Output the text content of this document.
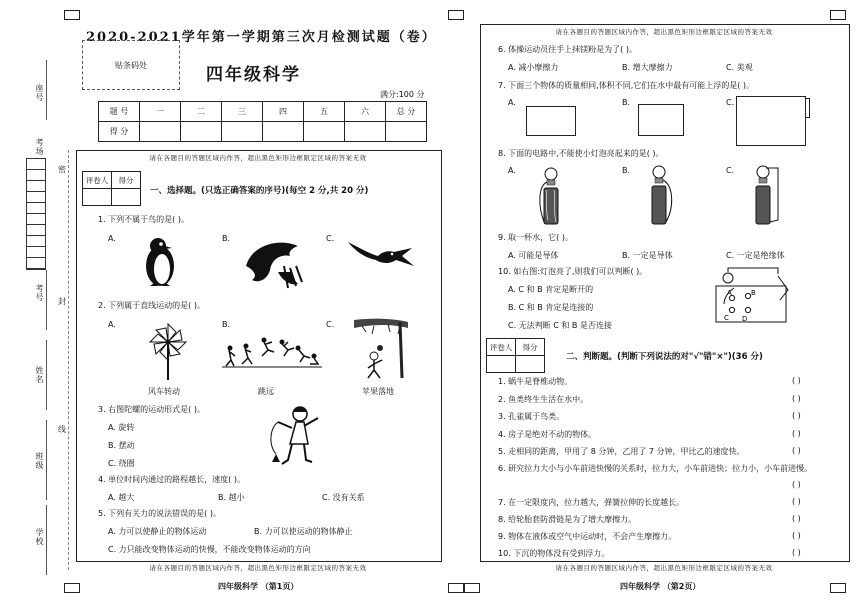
座号
考场
考号
姓名
班级
学校
密
封
线
2020-2021学年第一学期第三次月检测试题（卷）
贴条码处	四年级科学
满分:100 分
题 号	一	二	三	四	五	六	总 分
得 分							
请在各题目的答题区域内作答，超出黑色矩形边框限定区域的答案无效
评卷人	得分

一、选择题。(只选正确答案的序号)(每空 2 分,共 20 分)
1. 下列不属于鸟的是( )。
A.	B.	C.
2. 下列属于直线运动的是( )。
A.	B.	C.
风车转动	跳远	苹果落地
3. 右图陀螺的运动形式是( )。
A. 旋转
B. 摆动
C. 绕圈
4. 单位时间内通过的路程越长，速度( )。
A. 越大	B. 越小	C. 没有关系
5. 下列有关力的说法错误的是( )。
A. 力可以使静止的物体运动	B. 力可以使运动的物体静止
C. 力只能改变物体运动的快慢，不能改变物体运动的方向
请在各题目的答题区域内作答，超出黑色矩形边框限定区域的答案无效
四年级科学 （第1页）
请在各题目的答题区域内作答，超出黑色矩形边框限定区域的答案无效
6. 体操运动员往手上抹镁粉是为了( )。
A. 减小摩擦力	B. 增大摩擦力	C. 美观
7. 下面三个物体的质量相同,体积不同,它们在水中最有可能上浮的是( )。
A.	B.	C.
8. 下面的电路中,不能使小灯泡亮起来的是( )。
A.	B.	C.
9. 取一杯水，它( )。
A. 可能是导体	B. 一定是导体	C. 一定是绝缘体
10. 如右图:灯泡亮了,则我们可以判断( )。
A. C 和 B 肯定是断开的
B. C 和 B 肯定是连接的
C. 无法判断 C 和 B 是否连接
A	B
C D
评卷人	得分

二、判断题。(判断下列说法的对"√"错"×")(36 分)
1. 蜗牛是脊椎动物。	( )
2. 鱼类终生生活在水中。	( )
3. 孔雀属于鸟类。	( )
4. 房子是绝对不动的物体。	( )
5. 走相同的距离，甲用了 8 分钟，乙用了 7 分钟，甲比乙的速度快。	( )
6. 研究拉力大小与小车前进快慢的关系时，拉力大，小车前进快；拉力小，小车前进慢。
( )
7. 在一定限度内，拉力越大，弹簧拉伸的长度越长。	( )
8. 给轮胎套防滑链是为了增大摩擦力。	( )
9. 物体在液体或空气中运动时，不会产生摩擦力。	( )
10. 下沉的物体没有受到浮力。	( )
请在各题目的答题区域内作答，超出黑色矩形边框限定区域的答案无效
四年级科学 （第2页）
